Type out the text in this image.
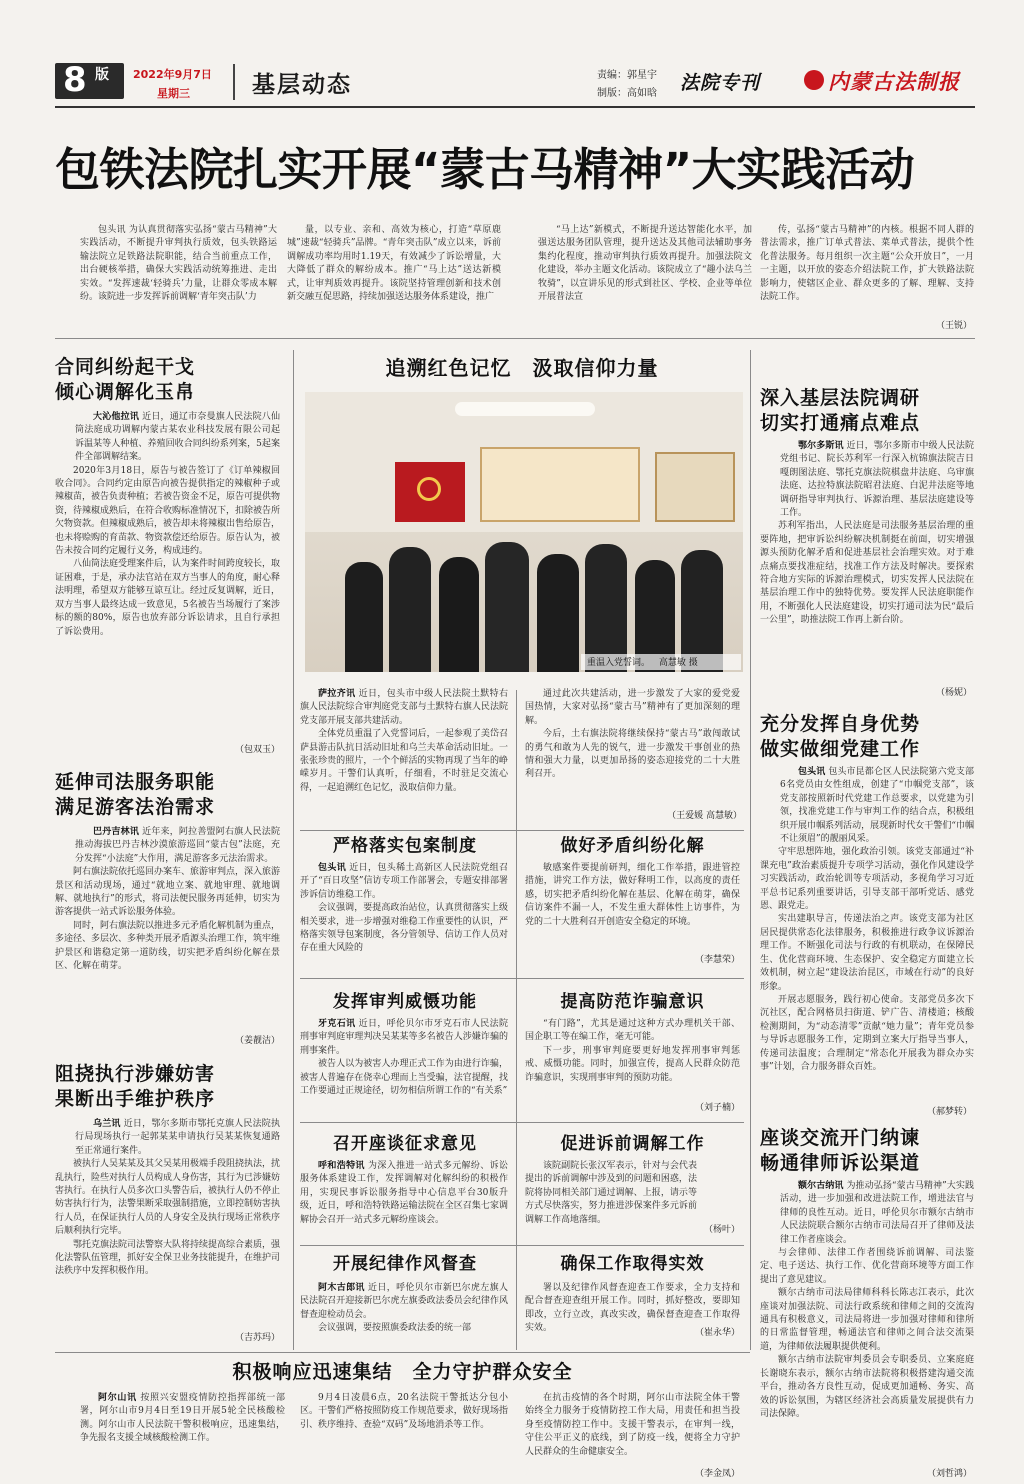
8 版	2022年9月7日
星期三	基层动态	责编：郭星宇
制版：高如晗 法院专刊	内蒙古法制报
包铁法院扎实开展“蒙古马精神”大实践活动

包头讯 为认真贯彻落实弘扬“蒙古马精神”大实践活动，不断提升审判执行质效，包头铁路运输法院立足铁路法院职能，结合当前重点工作，出台硬核举措，确保大实践活动统筹推进、走出实效。“发挥速裁‘轻骑兵’力量，让群众零成本解纷。该院进一步发挥诉前调解‘青年突击队’力

量，以专业、亲和、高效为核心，打造“草原鹿城”速裁“轻骑兵”品牌。“青年突击队”成立以来，诉前调解成功率均用时1.19天，有效减少了诉讼增量，大大降低了群众的解纷成本。推广“马上达”送达新模式，让审判质效再提升。该院坚持管理创新和技术创新交融互促思路，持续加强送达服务体系建设，推广

“马上达”新模式，不断提升送达智能化水平，加强送达服务团队管理，提升送达及其他司法辅助事务集约化程度，推动审判执行质效再提升。加强法院文化建设，举办主题文化活动。该院成立了“趣小法乌兰牧骑”，以宣讲乐见的形式到社区、学校、企业等单位开展普法宣

传，弘扬“蒙古马精神”的内核。根据不同人群的普法需求，推广订单式普法、菜单式普法，提供个性化普法服务。每月组织一次主题“公众开放日”，一月一主题，以开放的姿态介绍法院工作，扩大铁路法院影响力，使辖区企业、群众更多的了解、理解、支持法院工作。

（王锐）
合同纠纷起干戈
倾心调解化玉帛

大沁他拉讯 近日，通辽市奈曼旗人民法院八仙筒法庭成功调解内蒙古某农业科技发展有限公司起诉温某等人种植、养殖回收合同纠纷系列案，5起案件全部调解结案。

2020年3月18日，原告与被告签订了《订单辣椒回收合同》。合同约定由原告向被告提供指定的辣椒种子或辣椒苗，被告负责种植；若被告资金不足，原告可提供物资，待辣椒成熟后，在符合收购标准情况下，扣除被告所欠物资款。但辣椒成熟后，被告却未将辣椒出售给原告，也未将赊购的育苗款、物资款偿还给原告。原告认为，被告未按合同约定履行义务，构成违约。

八仙筒法庭受理案件后，认为案件时间跨度较长，取证困难，于是，承办法官站在双方当事人的角度，耐心释法明理，希望双方能够互谅互让。经过反复调解，近日，双方当事人最终达成一致意见，5名被告当场履行了案涉标的额的80%，原告也放弃部分诉讼请求，且自行承担了诉讼费用。

（包双玉）
延伸司法服务职能
满足游客法治需求

巴丹吉林讯 近年来，阿拉善盟阿右旗人民法院推动海拔巴丹吉林沙漠旅游巡回“蒙古包”法庭，充分发挥“小法庭”大作用，满足游客多元法治需求。

阿右旗法院依托巡回办案车、旅游审判点，深入旅游景区和活动现场，通过“就地立案、就地审理、就地调解、就地执行”的形式，将司法便民服务再延伸，切实为游客提供一站式诉讼服务体验。

同时，阿右旗法院以推进多元矛盾化解机制为重点，多途径、多层次、多种类开展矛盾源头治理工作，筑牢维护景区和谐稳定第一道防线，切实把矛盾纠纷化解在景区、化解在萌芽。

（姜靓洁）
阻挠执行涉嫌妨害
果断出手维护秩序

乌兰讯 近日，鄂尔多斯市鄂托克旗人民法院执行局现场执行一起郭某某申请执行吴某某恢复通路至正常通行案件。

被执行人吴某某及其父吴某用极端手段阻挠执法，扰乱执行，险些对执行人员构成人身伤害，其行为已涉嫌妨害执行。在执行人员多次口头警告后，被执行人仍不停止妨害执行行为，法警果断采取强制措施，立即控制妨害执行人员，在保证执行人员的人身安全及执行现场正常秩序后顺利执行完毕。

鄂托克旗法院司法警察大队将持续提高综合素质，强化法警队伍管理，抓好安全保卫业务技能提升，在维护司法秩序中发挥积极作用。

（吉苏玛）
追溯红色记忆　汲取信仰力量
重温入党誓词。 高慧敏 摄

萨拉齐讯 近日，包头市中级人民法院土默特右旗人民法院综合审判庭党支部与土默特右旗人民法院党支部开展支部共建活动。

全体党员重温了入党誓词后，一起参观了美岱召萨县游击队抗日活动旧址和乌兰夫革命活动旧址。一张张珍贵的照片，一个个鲜活的实物再现了当年的峥嵘岁月。干警们认真听，仔细看，不时驻足交流心得，一起追溯红色记忆，汲取信仰力量。

通过此次共建活动，进一步激发了大家的爱党爱国热情，大家对弘扬“蒙古马”精神有了更加深刻的理解。

今后，土右旗法院将继续保持“蒙古马”敢闯敢试的勇气和敢为人先的锐气，进一步激发干事创业的热情和强大力量，以更加昂扬的姿态迎接党的二十大胜利召开。

（王爱媛 高慧敏）
严格落实包案制度

包头讯 近日，包头稀土高新区人民法院党组召开了“百日攻坚”信访专项工作部署会，专题安排部署涉诉信访维稳工作。

会议强调，要提高政治站位，认真贯彻落实上级相关要求，进一步增强对维稳工作重要性的认识，严格落实领导包案制度，各分管领导、信访工作人员对存在重大风险的

做好矛盾纠纷化解

敏感案件要提前研判，细化工作举措，跟进管控措施，讲究工作方法，做好释明工作，以高度的责任感，切实把矛盾纠纷化解在基层、化解在萌芽，确保信访案件不漏一人，不发生重大群体性上访事件，为党的二十大胜利召开创造安全稳定的环境。

（李慧荣）
发挥审判威慑功能

牙克石讯 近日，呼伦贝尔市牙克石市人民法院刑事审判庭审理判决吴某某等多名被告人涉嫌诈骗的刑事案件。

被告人以为被害人办理正式工作为由进行诈骗，被害人普遍存在侥幸心理而上当受骗，法官提醒，找工作要通过正规途径，切勿相信所谓工作的“有关系”

提高防范诈骗意识

“有门路”，尤其是通过这种方式办理机关干部、国企职工等在编工作，毫无可能。

下一步，刑事审判庭要更好地发挥刑事审判惩戒、威慑功能。同时，加强宣传，提高人民群众防范诈骗意识，实现刑事审判的预防功能。

（刘子楠）
召开座谈征求意见

呼和浩特讯 为深入推进一站式多元解纷、诉讼服务体系建设工作，发挥调解对化解纠纷的积极作用，实现民事诉讼服务指导中心信息平台30版升级，近日，呼和浩特铁路运输法院在全区召集七家调解协会召开一站式多元解纷座谈会。

促进诉前调解工作

该院副院长张汉军表示，针对与会代表提出的诉前调解中涉及到的问题和困惑，法院将协同相关部门通过调解、上报，请示等方式尽快落实，努力推进涉保案件多元诉前调解工作高地落细。

（杨叶）
开展纪律作风督查

阿木古郎讯 近日，呼伦贝尔市新巴尔虎左旗人民法院召开迎接新巴尔虎左旗委政法委员会纪律作风督查迎检动员会。

会议强调，要按照旗委政法委的统一部

确保工作取得实效

署以及纪律作风督查迎查工作要求，全力支持和配合督查迎查组开展工作。同时，抓好整改，要即知即改，立行立改，真改实改，确保督查迎查工作取得实效。	（崔永华）
深入基层法院调研
切实打通痛点难点

鄂尔多斯讯 近日，鄂尔多斯市中级人民法院党组书记、院长苏利军一行深入杭锦旗法院吉日嘎朗图法庭、鄂托克旗法院棋盘井法庭、乌审旗法庭、达拉特旗法院昭君法庭、白泥井法庭等地调研指导审判执行、诉源治理、基层法庭建设等工作。

苏利军指出，人民法庭是司法服务基层治理的重要阵地，把审诉讼纠纷解决机制挺在前面，切实增强源头预防化解矛盾和促进基层社会治理实效。对于难点痛点要找准症结，找准工作方法及时解决。要探索符合地方实际的诉源治理模式，切实发挥人民法院在基层治理工作中的独特优势。要发挥人民法庭职能作用，不断强化人民法庭建设，切实打通司法为民“最后一公里”，助推法院工作再上新台阶。

（杨妮）
充分发挥自身优势
做实做细党建工作

包头讯 包头市昆都仑区人民法院第六党支部6名党员由女性组成，创建了“巾帼党支部”，该党支部按照新时代党建工作总要求，以党建为引领，找准党建工作与审判工作的结合点，积极组织开展巾帼系列活动，展现新时代女干警们“巾帼不让须眉”的靓丽风采。

守牢思想阵地，强化政治引领。该党支部通过“补课充电”政治素质提升专项学习活动，强化作风建设学习实践活动，政治轮训等专项活动，多视角学习习近平总书记系列重要讲话，引导支部干部听党话、感党恩、跟党走。

实出建职导言，传递法治之声。该党支部为社区居民提供常态化法律服务，积极推进行政争议诉源治理工作。不断强化司法与行政的有机联动，在保障民生、优化营商环境、生态保护、安全稳定方面建立长效机制，树立起“建设法治昆区，市域在行动”的良好形象。

开展志愿服务，践行初心使命。支部党员多次下沉社区，配合网格员扫街道、铲广告、清楼道；核酸检测期间，为“动态清零”贡献“她力量”；青年党员参与导诉志愿服务工作，定期到立案大厅指导当事人，传递司法温度；合理制定“常态化开展我为群众办实事”计划，合力服务群众百姓。

（郝梦转）
座谈交流开门纳谏
畅通律师诉讼渠道

额尔古纳讯 为推动弘扬“蒙古马精神”大实践活动，进一步加强和改进法院工作，增进法官与律师的良性互动。近日，呼伦贝尔市额尔古纳市人民法院联合额尔古纳市司法局召开了律师及法律工作者座谈会。

与会律师、法律工作者围绕诉前调解、司法鉴定、电子送达、执行工作、优化营商环境等方面工作提出了意见建议。

额尔古纳市司法局律师科科长陈志江表示，此次座谈对加强法院、司法行政系统和律师之间的交流沟通具有积极意义，司法局将进一步加强对律师和律所的日常监督管理，畅通法官和律师之间合法交流渠道，为律师依法履职提供便利。

额尔古纳市法院审判委员会专职委员、立案庭庭长谢晓东表示，额尔古纳市法院将积极搭建沟通交流平台，推动各方良性互动，促成更加通畅、务实、高效的诉讼氛围，为辖区经济社会高质量发展提供有力司法保障。

（刘哲鸿）
积极响应迅速集结　全力守护群众安全

阿尔山讯 按照兴安盟疫情防控指挥部统一部署，阿尔山市9月4日至19日开展5轮全民核酸检测。阿尔山市人民法院干警积极响应，迅速集结，争先报名支援全域核酸检测工作。

9月4日凌晨6点，20名法院干警抵达分包小区。干警们严格按照防疫工作规范要求，做好现场指引、秩序维持、查验“双码”及场地消杀等工作。

在抗击疫情的各个时期，阿尔山市法院全体干警始终全力服务于疫情防控工作大局，用责任和担当投身至疫情防控工作中。支援干警表示，在审判一线，守住公平正义的底线，到了防疫一线，便将全力守护人民群众的生命健康安全。

（李金凤）
